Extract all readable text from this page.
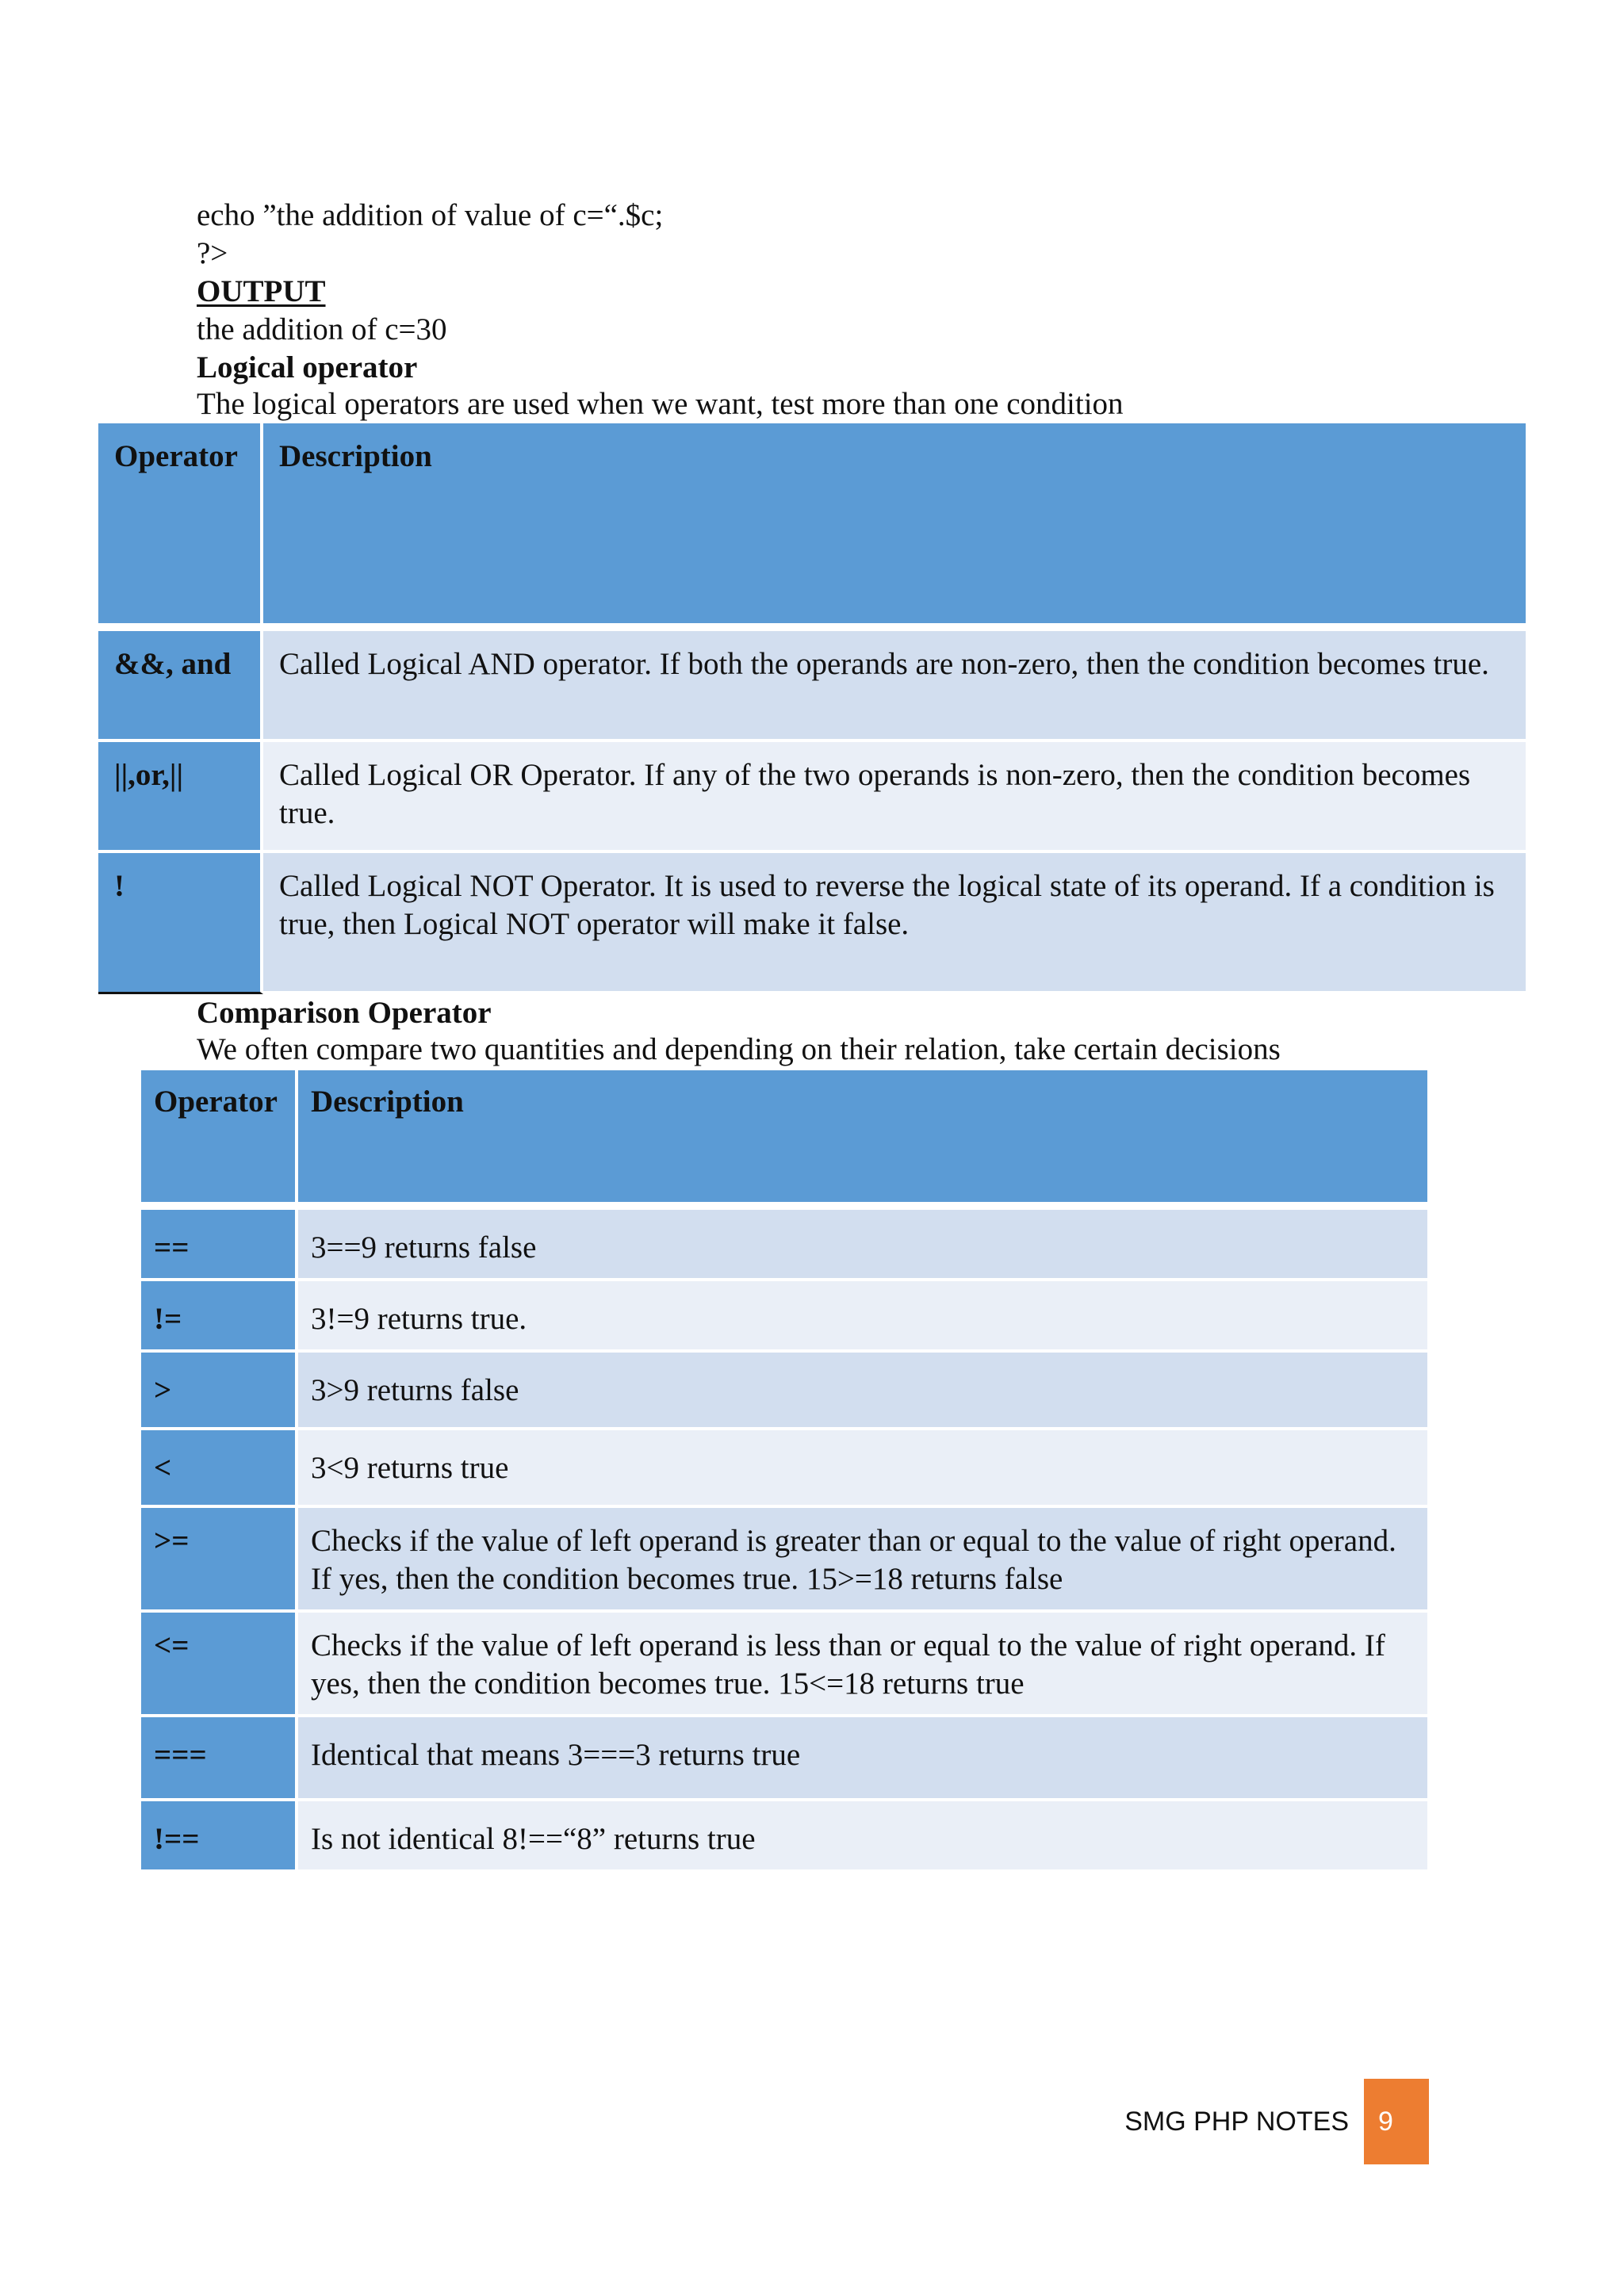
echo ”the addition of value of c=“.$c;
?>
OUTPUT
the addition of c=30
Logical operator
The logical operators are used when we want, test more than one condition
Operator	Description
&&, and	Called Logical AND operator. If both the operands are non-zero, then the condition becomes true.
||,or,||	Called Logical OR Operator. If any of the two operands is non-zero, then the condition becomes true.
!	Called Logical NOT Operator. It is used to reverse the logical state of its operand. If a condition is true, then Logical NOT operator will make it false.
Comparison Operator
We often compare two quantities and depending on their relation, take certain decisions
Operator	Description
==	3==9 returns false
!=	3!=9 returns true.
>	3>9 returns false
<	3<9 returns true
>=	Checks if the value of left operand is greater than or equal to the value of right operand. If yes, then the condition becomes true. 15>=18 returns false
<=	Checks if the value of left operand is less than or equal to the value of right operand. If yes, then the condition becomes true. 15<=18 returns true
===	Identical that means 3===3 returns true
!==	Is not identical 8!==“8” returns true
SMG PHP NOTES	9
